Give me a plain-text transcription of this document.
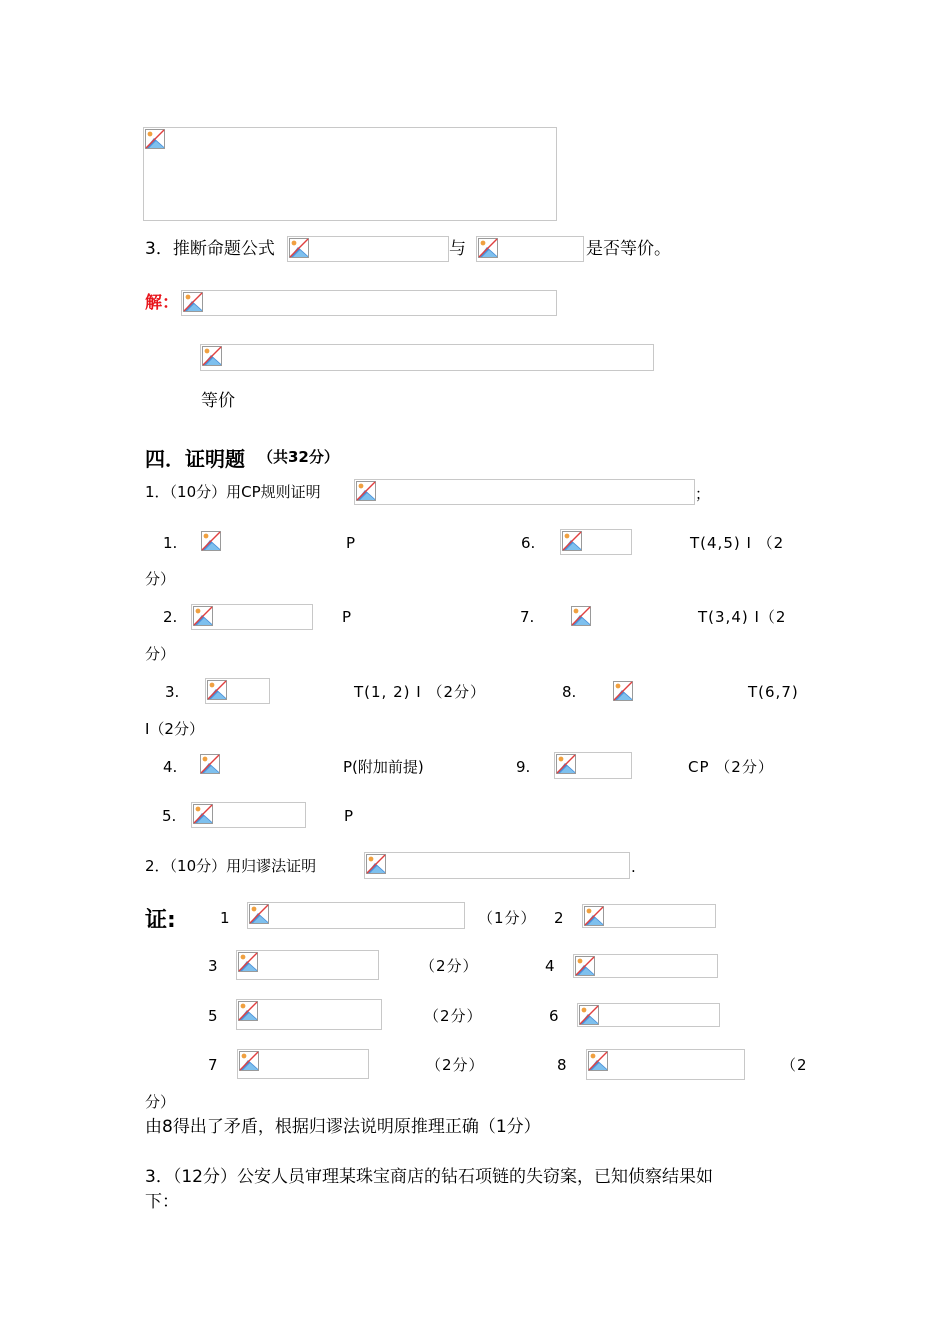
3．推断命题公式	与	是否等价。
解：
等价
四．证明题 （共32分）
1．（10分）用CP规则证明	；
1.	P	6.	T(4,5) I （2
分）
2.	P	7.	T(3,4) I（2
分）
3.	T(1, 2) I （2分）	8.	T(6,7)
I（2分）
4.	P(附加前提)	9.	CP （2分）
5.	P
2．（10分）用归谬法证明	.
证:	1	（1分） 2
3	（2分）	4
5	（2分）	6
7	（2分）	8	（2
分）
由8得出了矛盾，根据归谬法说明原推理正确（1分）
3．（12分）公安人员审理某珠宝商店的钻石项链的失窃案，已知侦察结果如
下：
